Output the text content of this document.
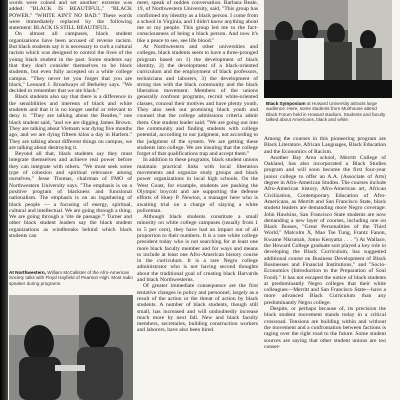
words were coined and set another: extreme was added: "BLACK IS BEAUTIFUL," "BLACK POWER." "WHITE AIN'T NO BAD." These words were immediately replaced by the following statement: BLACK IS STILL BEAUTIFUL.

On almost all campuses, black student organizations have been accused of reverse racism. But black students say it is necessary to curb a cultural racism which was designed to control the lives of the young black student in the past. Some students say that they don't consider themselves to be black students, but even fully accepted on a white college campus. "They never let you forget that you are black," Leonard J. Broadways of Berkeley says. "We decided to remember that we are black."

Black students also say that there is a difference in the sensibilities and interests of black and white students and that it is no longer useful or relevant to deny it. "They are talking about the Beatles," one black student said, "and we are digging James Brown. They are talking about Vietnam war dying five months ago, and we are dying fifteen kilos a day in Harlem." They are talking about different things on campus, we are talking about destroying it.

Beyond all that, black students say they must integrate themselves and achieve real power before they can integrate with others. "We must seek some type of cohesion and spiritual relevance among ourselves," Jesse Thomas, chairman of FMO of Northwestern University says. "The emphasis is on a positive program of blackness and functional nationalism. The emphasis is on an ingathering of black people — a focusing of energy, spiritual, cultural and intellectual. We are going through a thing. We are going through a 'rite de passage.'" Turner and other black student leaders say the black student organizations as windbreaks behind which black students can

At Northwestern, William McCallister of the Afro-American Society talks with Floyd Hayfield of Pearson High. Most radio speaker during programs.

meet, speak of sudden conversation. Barbara Beale, 19, of Northwestern University, said, "This group has confirmed my identity as a black person. I come from a school in Virginia, and I didn't know anything about me or my people. This group led me to the fact-consciousness of being a black person. And now it's like a peace to see, see life blood."

At Northwestern and other universities and colleges, black students seem to have a three-pronged program based on 1) the development of black identity, 2) the development of a black-oriented curriculum and the employment of black professors, technicians and laborers, 3) the development of strong ties with the black community and the black liberation movement. Members of the unions generally confront programs, recruit white-oriented classes, conceal their motives and have plenty youth. They also seek out promising black youth and counsel that the college admissions criteria admit them. One student leader said: "We are going out into the community and finding students with college potential, according to our judgment, not according to the judgment of the system. We are getting these students into college. We are insuring that the college forget of that qualifications trap and accept them."

In addition to these programs, black student unions maintain practical links with local liberation movements and organize study groups and black power organizations in local high schools. On the West Coast, for example, students are pushing the Olympic boycott and are supporting the defense efforts of Huey P. Newton, a manager here who is awaiting trial on a charge of slaying a white policeman.

Although black students constitute a small minority on white college campuses (usually from 1 to 5 per cent), they have had an impact out of all proportion to their numbers. It is a rare white college president today who is not searching for at least one more black faculty member and for ways and means to include at least one Afro-American history course in the curriculum. It is a rare Negro college administrator who is not having second thoughts about the traditional goal of creating black Harvards and black Northwesterns.

Of greater immediate consequence are the first tentative changes in policy and personnel, largely as a result of the action or the threat of action by black students. A number of black students, though still small, has increased and will undoubtedly increase much more by next fall. New and black faculty members, secretaries, building construction workers and laborers, have also been hired.

Black Symposium at Howard University attracts large audience. Here, some students from Muirhouse attend Black Forum held in Howard stadium. Students and faculty talked about Americans, black and white.

Among the courses in this pioneering program are Black Literature, African Languages, Black Education and the Economics of Racism.

Another Bay Area school, Merritt College of Oakland, has also incorporated a Black Studies program and will soon become the first four-year junior college to offer an A.A. (Associate of Arts) degree in Afro-American Studies. The courses include Afro-American history, Afro-American art, African Civilization, Contemporary Education of Afro-Americans, as Merritt and San Francisco State, black student leaders are demanding more Negro coverage: John Hawkins, San Francisco State students are now demanding a new layer of courses, including one on Black Bosses, "Great Personalities of the Third World," Malcolm X, Mao Tse Tung, Frantz Fanon, Kwame Nkrumah, Jomo Kenyatta . . . ") At Wallace, the Howard College graduate sort played a key role in developing the Black Curriculum, has suggested additional course on Business Development of Black Businesses and Financial Institutions," and "Socio-Economics (Introduction to the Preparation of Soul Food)." It has not escaped the notice of black students at predominantly Negro colleges that their white colleagues—Merritt and San Francisco State—have a more advanced Black Curriculum than any predominantly Negro college.

Despite, or perhaps because of, its precision the black student movement stands today in a critical crossroad. Tensions are building within and without the movement and a confrontation between factions is raging over the right road to the future. Some student sources are saying that other student unions are too conser-
